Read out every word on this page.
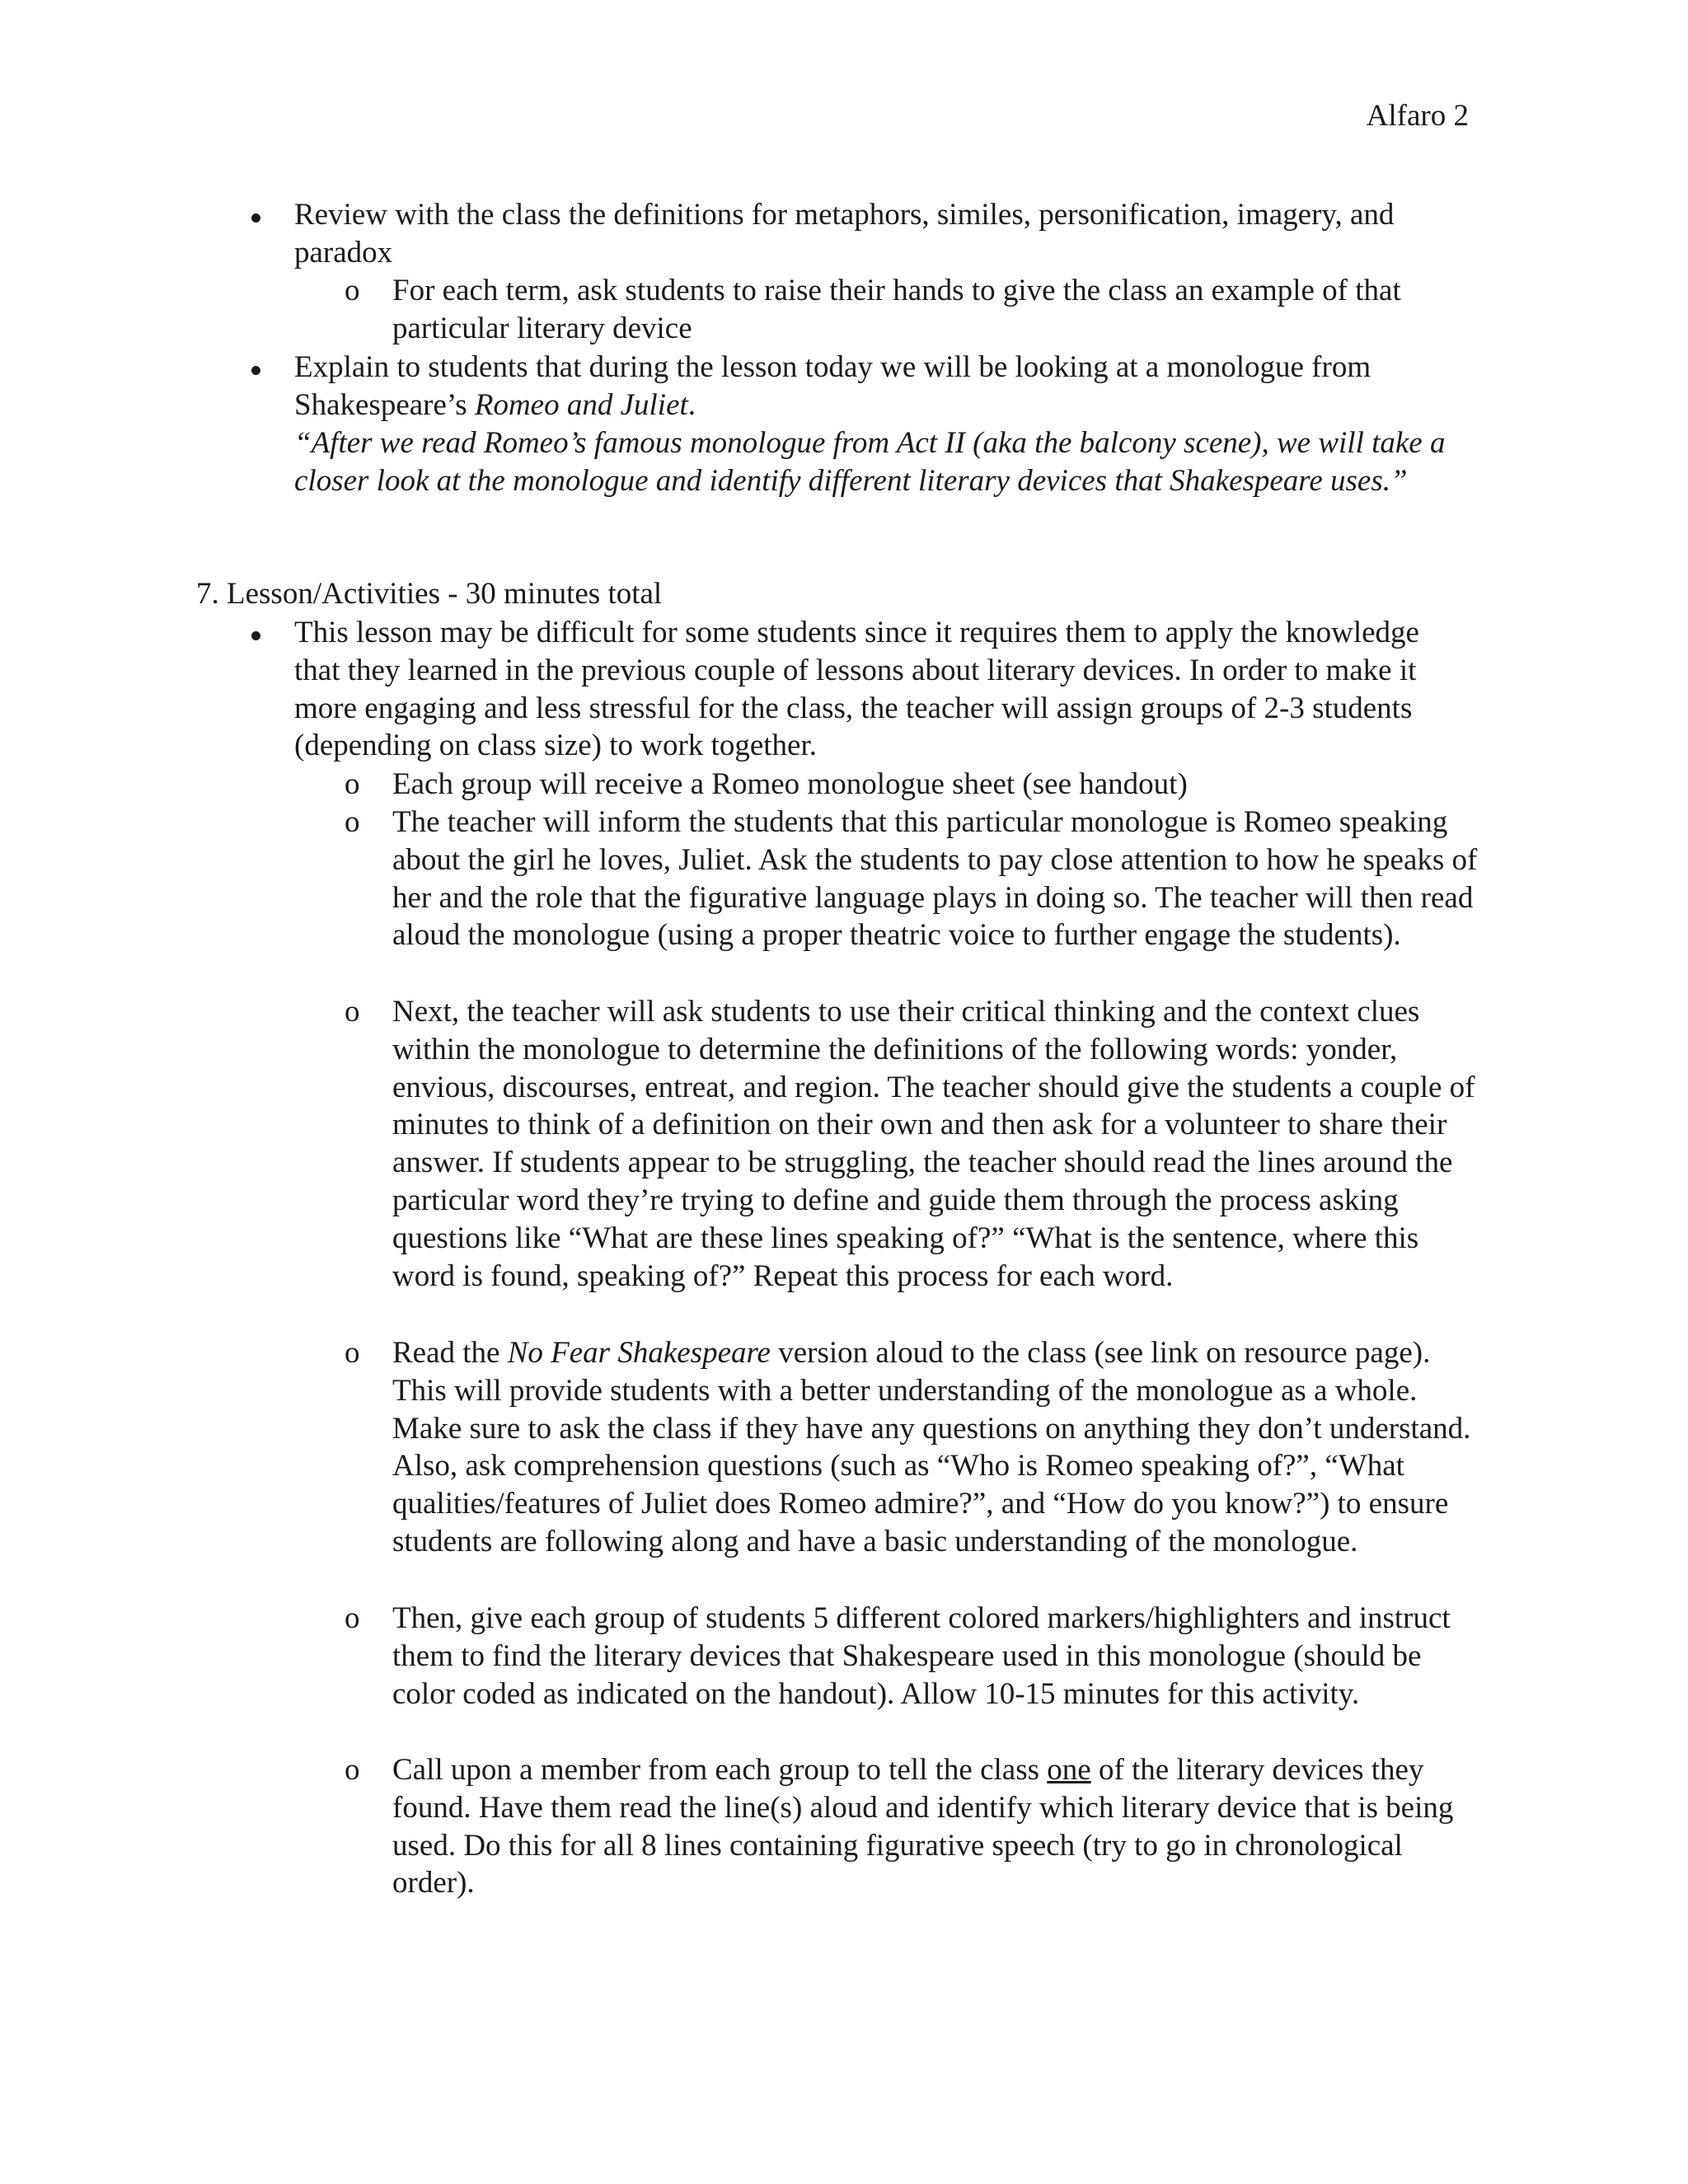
Alfaro 2
Review with the class the definitions for metaphors, similes, personification, imagery, and paradox
o For each term, ask students to raise their hands to give the class an example of that particular literary device
Explain to students that during the lesson today we will be looking at a monologue from Shakespeare’s Romeo and Juliet.
“After we read Romeo’s famous monologue from Act II (aka the balcony scene), we will take a closer look at the monologue and identify different literary devices that Shakespeare uses.”
7. Lesson/Activities - 30 minutes total
This lesson may be difficult for some students since it requires them to apply the knowledge that they learned in the previous couple of lessons about literary devices. In order to make it more engaging and less stressful for the class, the teacher will assign groups of 2-3 students (depending on class size) to work together.
o Each group will receive a Romeo monologue sheet (see handout)
o The teacher will inform the students that this particular monologue is Romeo speaking about the girl he loves, Juliet. Ask the students to pay close attention to how he speaks of her and the role that the figurative language plays in doing so. The teacher will then read aloud the monologue (using a proper theatric voice to further engage the students).
o Next, the teacher will ask students to use their critical thinking and the context clues within the monologue to determine the definitions of the following words: yonder, envious, discourses, entreat, and region. The teacher should give the students a couple of minutes to think of a definition on their own and then ask for a volunteer to share their answer. If students appear to be struggling, the teacher should read the lines around the particular word they’re trying to define and guide them through the process asking questions like “What are these lines speaking of?” “What is the sentence, where this word is found, speaking of?” Repeat this process for each word.
o Read the No Fear Shakespeare version aloud to the class (see link on resource page). This will provide students with a better understanding of the monologue as a whole. Make sure to ask the class if they have any questions on anything they don’t understand. Also, ask comprehension questions (such as “Who is Romeo speaking of?”, “What qualities/features of Juliet does Romeo admire?”, and “How do you know?”) to ensure students are following along and have a basic understanding of the monologue.
o Then, give each group of students 5 different colored markers/highlighters and instruct them to find the literary devices that Shakespeare used in this monologue (should be color coded as indicated on the handout). Allow 10-15 minutes for this activity.
o Call upon a member from each group to tell the class one of the literary devices they found. Have them read the line(s) aloud and identify which literary device that is being used. Do this for all 8 lines containing figurative speech (try to go in chronological order).
